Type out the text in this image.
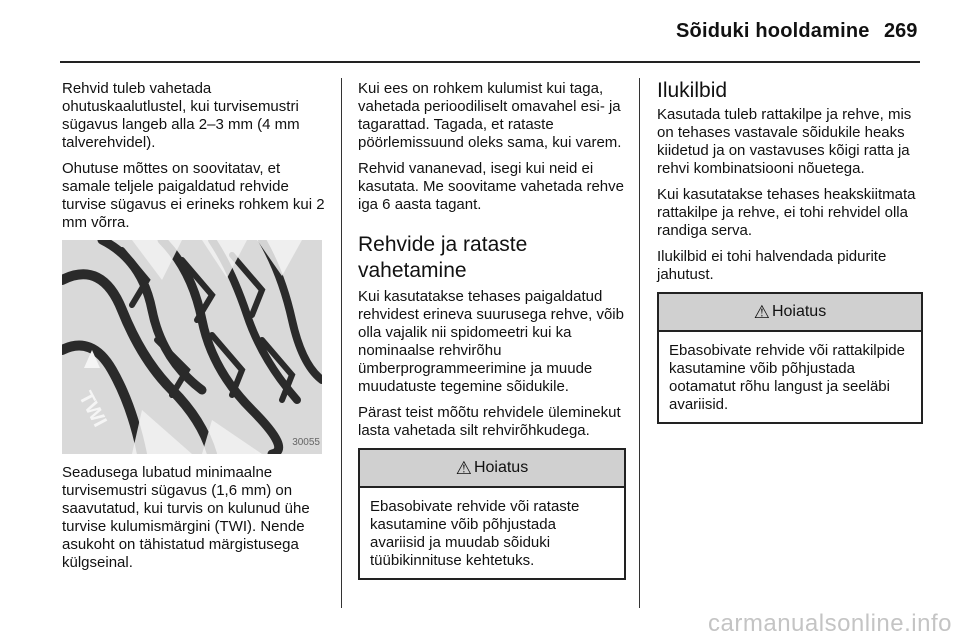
Sõiduki hooldamine 269

Rehvid tuleb vahetada ohutuskaalutlustel, kui turvisemustri sügavus langeb alla 2–3 mm (4 mm talverehvidel).

Ohutuse mõttes on soovitatav, et samale teljele paigaldatud rehvide turvise sügavus ei erineks rohkem kui 2 mm võrra.

TWI
30055

Seadusega lubatud minimaalne turvisemustri sügavus (1,6 mm) on saavutatud, kui turvis on kulunud ühe turvise kulumismärgini (TWI). Nende asukoht on tähistatud märgistusega külgseinal.

Kui ees on rohkem kulumist kui taga, vahetada perioodiliselt omavahel esi- ja tagarattad. Tagada, et rataste pöörlemissuund oleks sama, kui varem.

Rehvid vananevad, isegi kui neid ei kasutata. Me soovitame vahetada rehve iga 6 aasta tagant.

Rehvide ja rataste vahetamine

Kui kasutatakse tehases paigaldatud rehvidest erineva suurusega rehve, võib olla vajalik nii spidomeetri kui ka nominaalse rehvirõhu ümberprogrammeerimine ja muude muudatuste tegemine sõidukile.

Pärast teist mõõtu rehvidele üleminekut lasta vahetada silt rehvirõhkudega.

⚠ Hoiatus
Ebasobivate rehvide või rataste kasutamine võib põhjustada avariisid ja muudab sõiduki tüübikinnituse kehtetuks.
Ilukilbid

Kasutada tuleb rattakilpe ja rehve, mis on tehases vastavale sõidukile heaks kiidetud ja on vastavuses kõigi ratta ja rehvi kombinatsiooni nõuetega.

Kui kasutatakse tehases heakskiitmata rattakilpe ja rehve, ei tohi rehvidel olla randiga serva.

Ilukilbid ei tohi halvendada pidurite jahutust.

⚠ Hoiatus
Ebasobivate rehvide või rattakilpide kasutamine võib põhjustada ootamatut rõhu langust ja seeläbi avariisid.
carmanualsonline.info
